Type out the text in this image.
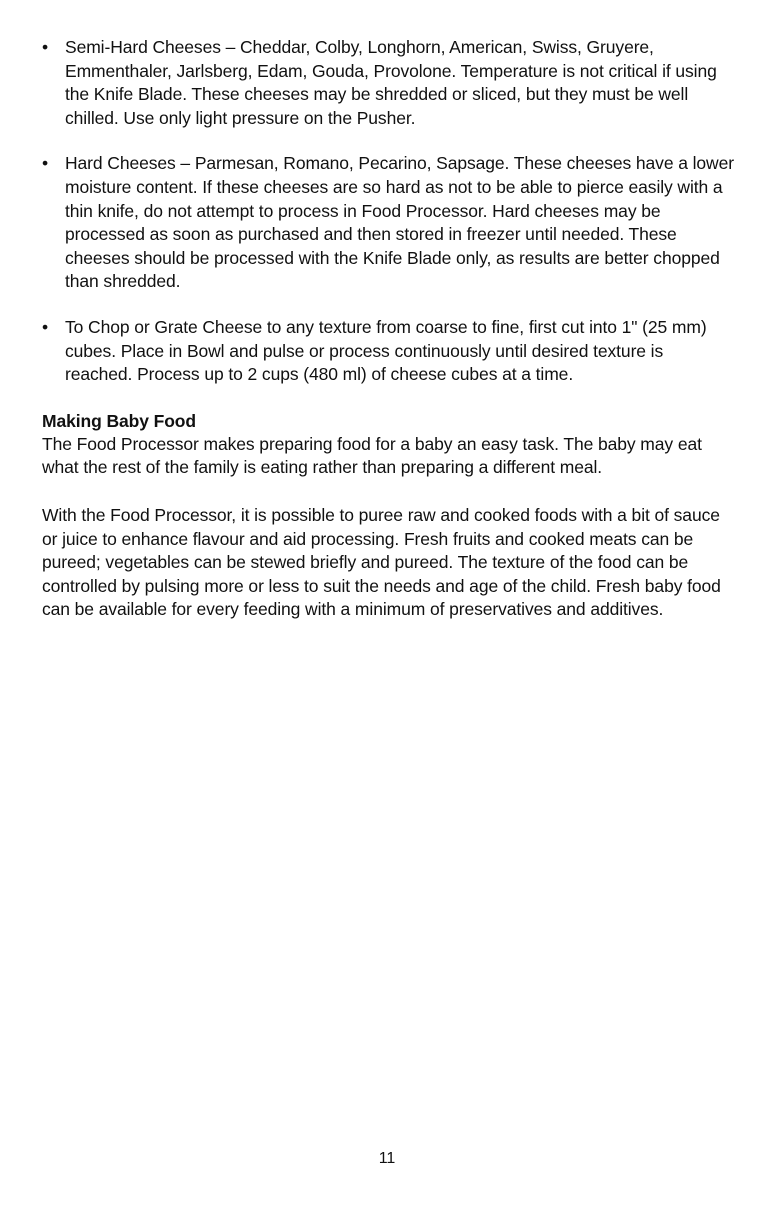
• Semi-Hard Cheeses – Cheddar, Colby, Longhorn, American, Swiss, Gruyere, Emmenthaler, Jarlsberg, Edam, Gouda, Provolone. Temperature is not critical if using the Knife Blade. These cheeses may be shredded or sliced, but they must be well chilled. Use only light pressure on the Pusher.
• Hard Cheeses – Parmesan, Romano, Pecarino, Sapsage. These cheeses have a lower moisture content. If these cheeses are so hard as not to be able to pierce easily with a thin knife, do not attempt to process in Food Processor. Hard cheeses may be processed as soon as purchased and then stored in freezer until needed. These cheeses should be processed with the Knife Blade only, as results are better chopped than shredded.
• To Chop or Grate Cheese to any texture from coarse to fine, first cut into 1" (25 mm) cubes. Place in Bowl and pulse or process continuously until desired texture is reached. Process up to 2 cups (480 ml) of cheese cubes at a time.
Making Baby Food

The Food Processor makes preparing food for a baby an easy task. The baby may eat what the rest of the family is eating rather than preparing a different meal.

With the Food Processor, it is possible to puree raw and cooked foods with a bit of sauce or juice to enhance flavour and aid processing. Fresh fruits and cooked meats can be pureed; vegetables can be stewed briefly and pureed. The texture of the food can be controlled by pulsing more or less to suit the needs and age of the child. Fresh baby food can be available for every feeding with a minimum of preservatives and additives.

11
